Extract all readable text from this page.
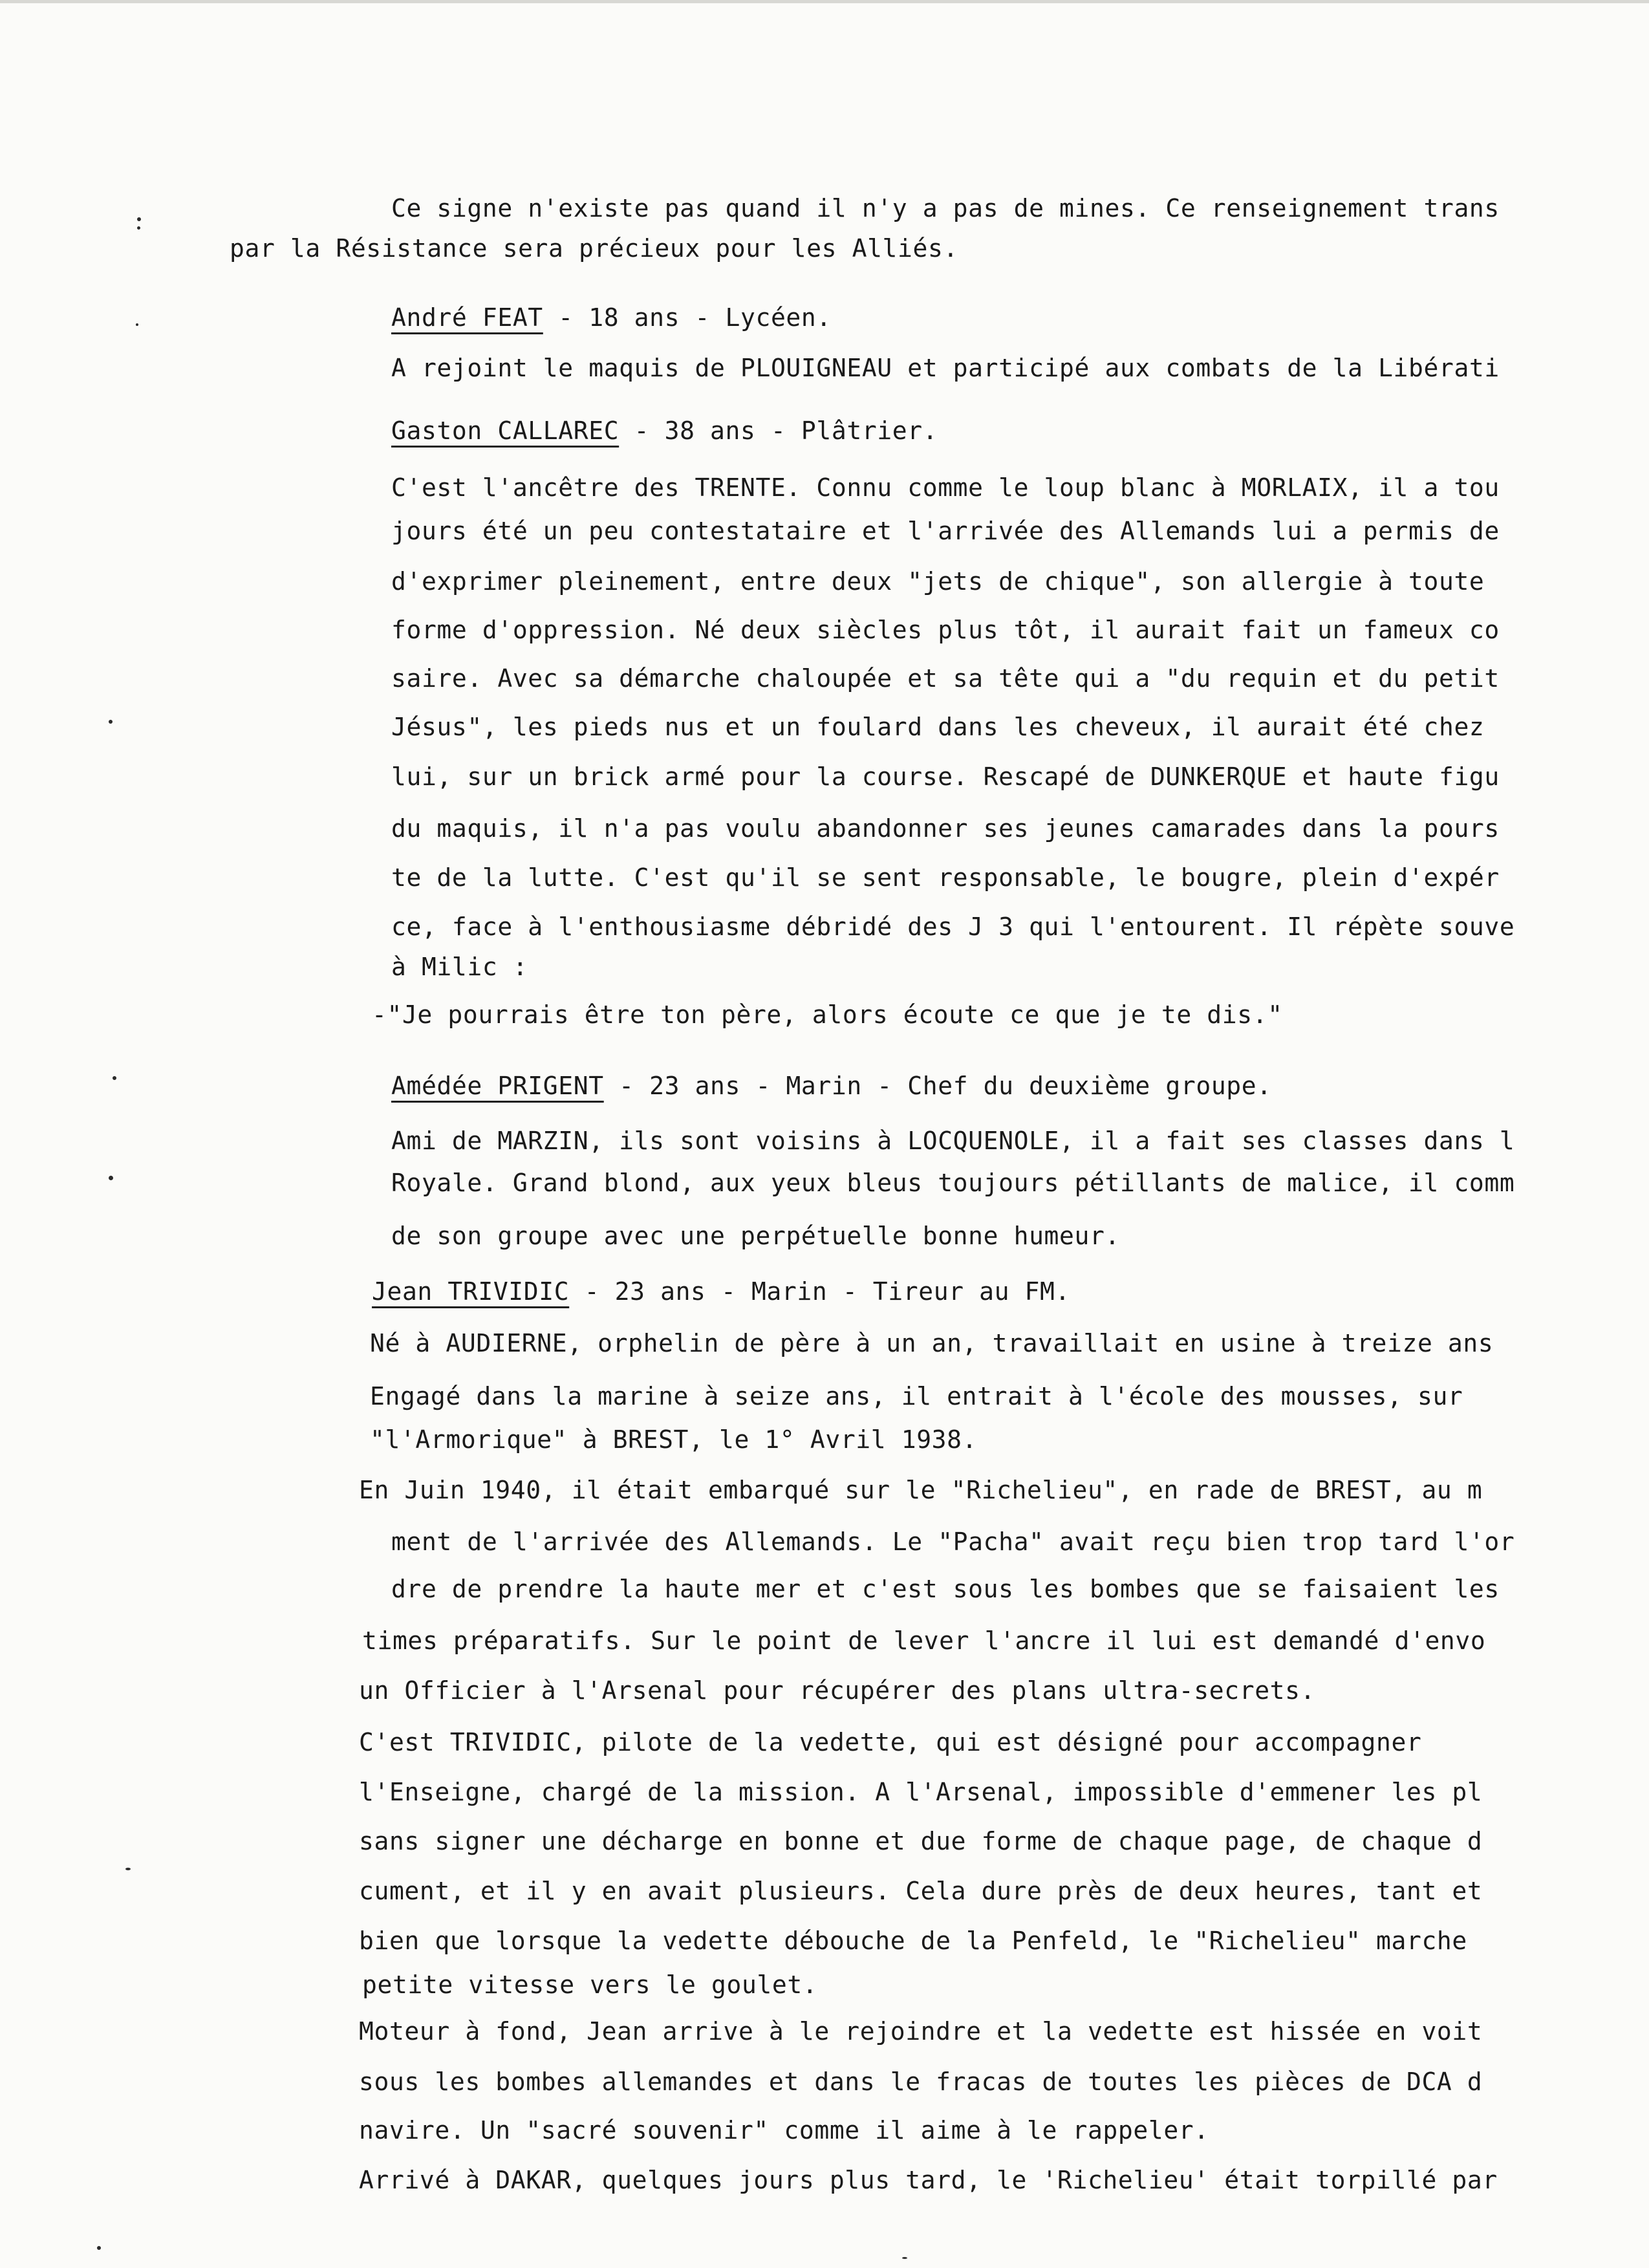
Ce signe n'existe pas quand il n'y a pas de mines. Ce renseignement trans
par la Résistance sera précieux pour les Alliés.
André FEAT - 18 ans - Lycéen.
A rejoint le maquis de PLOUIGNEAU et participé aux combats de la Libérati
Gaston CALLAREC - 38 ans - Plâtrier.
C'est l'ancêtre des TRENTE. Connu comme le loup blanc à MORLAIX, il a tou
jours été un peu contestataire et l'arrivée des Allemands lui a permis de
d'exprimer pleinement, entre deux "jets de chique", son allergie à toute
forme d'oppression. Né deux siècles plus tôt, il aurait fait un fameux co
saire. Avec sa démarche chaloupée et sa tête qui a "du requin et du petit
Jésus", les pieds nus et un foulard dans les cheveux, il aurait été chez
lui, sur un brick armé pour la course. Rescapé de DUNKERQUE et haute figu
du maquis, il n'a pas voulu abandonner ses jeunes camarades dans la pours
te de la lutte. C'est qu'il se sent responsable, le bougre, plein d'expér
ce, face à l'enthousiasme débridé des J 3 qui l'entourent. Il répète souve
à Milic :
-"Je pourrais être ton père, alors écoute ce que je te dis."
Amédée PRIGENT - 23 ans - Marin - Chef du deuxième groupe.
Ami de MARZIN, ils sont voisins à LOCQUENOLE, il a fait ses classes dans l
Royale. Grand blond, aux yeux bleus toujours pétillants de malice, il comm
de son groupe avec une perpétuelle bonne humeur.
Jean TRIVIDIC - 23 ans - Marin - Tireur au FM.
Né à AUDIERNE, orphelin de père à un an, travaillait en usine à treize ans
Engagé dans la marine à seize ans, il entrait à l'école des mousses, sur
"l'Armorique" à BREST, le 1° Avril 1938.
En Juin 1940, il était embarqué sur le "Richelieu", en rade de BREST, au m
ment de l'arrivée des Allemands. Le "Pacha" avait reçu bien trop tard l'or
dre de prendre la haute mer et c'est sous les bombes que se faisaient les
times préparatifs. Sur le point de lever l'ancre il lui est demandé d'envo
un Officier à l'Arsenal pour récupérer des plans ultra-secrets.
C'est TRIVIDIC, pilote de la vedette, qui est désigné pour accompagner
l'Enseigne, chargé de la mission. A l'Arsenal, impossible d'emmener les pl
sans signer une décharge en bonne et due forme de chaque page, de chaque d
cument, et il y en avait plusieurs. Cela dure près de deux heures, tant et
bien que lorsque la vedette débouche de la Penfeld, le "Richelieu" marche
petite vitesse vers le goulet.
Moteur à fond, Jean arrive à le rejoindre et la vedette est hissée en voit
sous les bombes allemandes et dans le fracas de toutes les pièces de DCA d
navire. Un "sacré souvenir" comme il aime à le rappeler.
Arrivé à DAKAR, quelques jours plus tard, le 'Richelieu' était torpillé par
